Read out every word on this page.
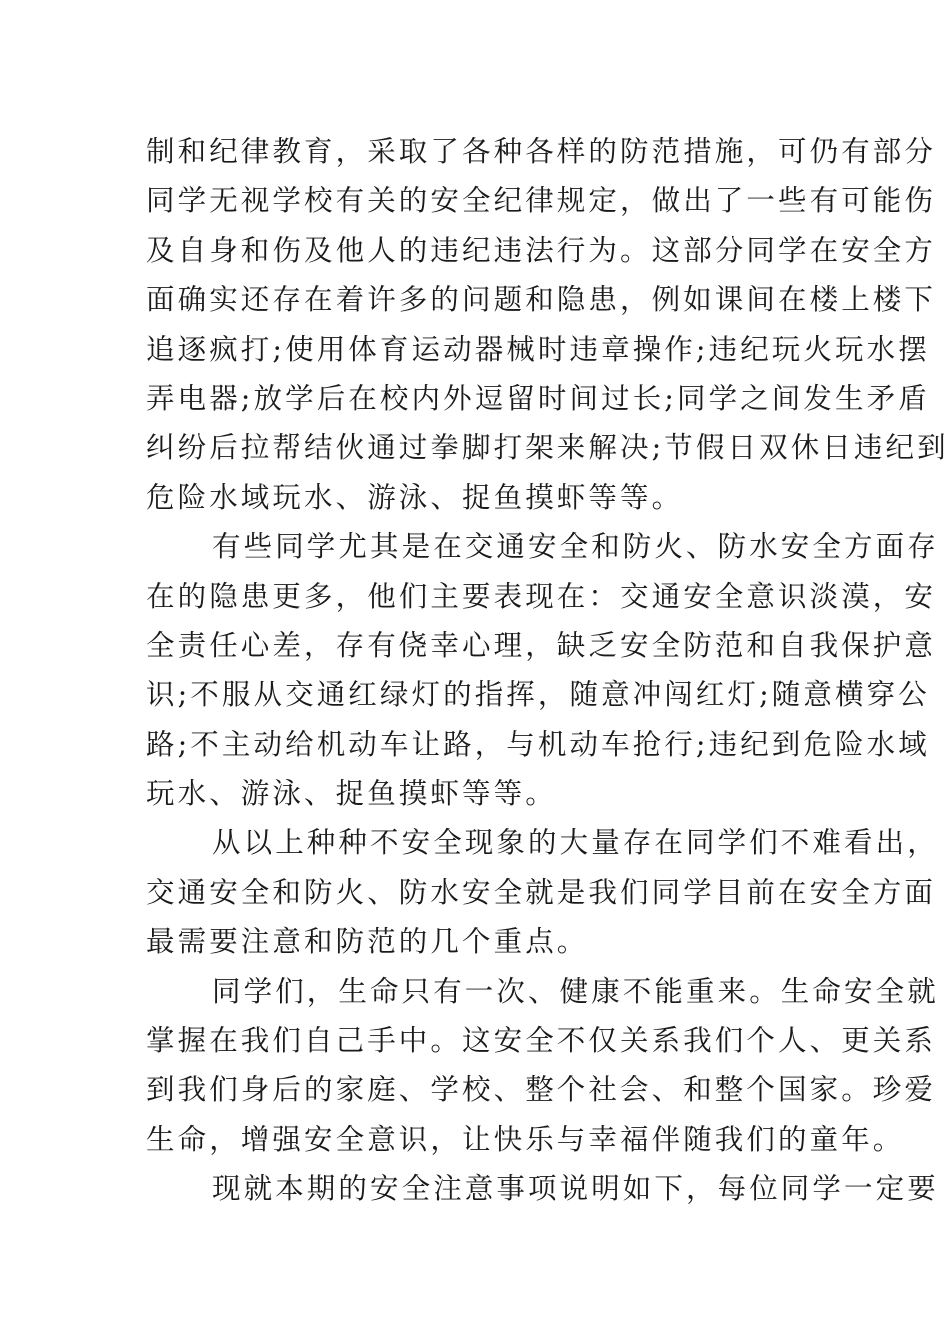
制和纪律教育，采取了各种各样的防范措施，可仍有部分
同学无视学校有关的安全纪律规定，做出了一些有可能伤
及自身和伤及他人的违纪违法行为。这部分同学在安全方
面确实还存在着许多的问题和隐患，例如课间在楼上楼下
追逐疯打;使用体育运动器械时违章操作;违纪玩火玩水摆
弄电器;放学后在校内外逗留时间过长;同学之间发生矛盾
纠纷后拉帮结伙通过拳脚打架来解决;节假日双休日违纪到
危险水域玩水、游泳、捉鱼摸虾等等。
有些同学尤其是在交通安全和防火、防水安全方面存
在的隐患更多，他们主要表现在：交通安全意识淡漠，安
全责任心差，存有侥幸心理，缺乏安全防范和自我保护意
识;不服从交通红绿灯的指挥，随意冲闯红灯;随意横穿公
路;不主动给机动车让路，与机动车抢行;违纪到危险水域
玩水、游泳、捉鱼摸虾等等。
从以上种种不安全现象的大量存在同学们不难看出，
交通安全和防火、防水安全就是我们同学目前在安全方面
最需要注意和防范的几个重点。
同学们，生命只有一次、健康不能重来。生命安全就
掌握在我们自己手中。这安全不仅关系我们个人、更关系
到我们身后的家庭、学校、整个社会、和整个国家。珍爱
生命，增强安全意识，让快乐与幸福伴随我们的童年。
现就本期的安全注意事项说明如下，每位同学一定要
